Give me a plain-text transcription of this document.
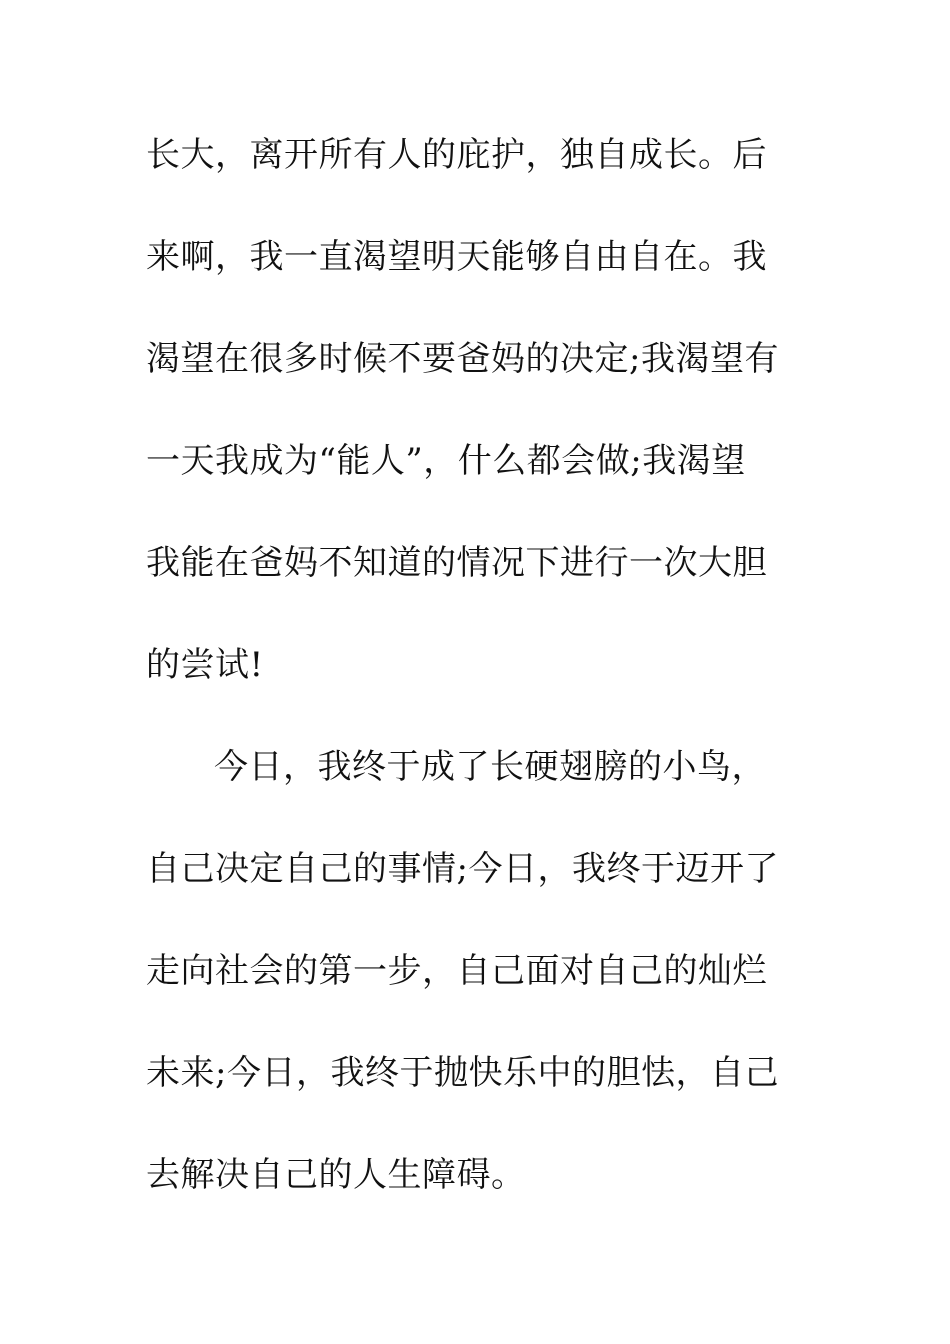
长大，离开所有人的庇护，独自成长。后
来啊，我一直渴望明天能够自由自在。我
渴望在很多时候不要爸妈的决定;我渴望有
一天我成为“能人”，什么都会做;我渴望
我能在爸妈不知道的情况下进行一次大胆
的尝试!
今日，我终于成了长硬翅膀的小鸟，
自己决定自己的事情;今日，我终于迈开了
走向社会的第一步，自己面对自己的灿烂
未来;今日，我终于抛快乐中的胆怯，自己
去解决自己的人生障碍。
